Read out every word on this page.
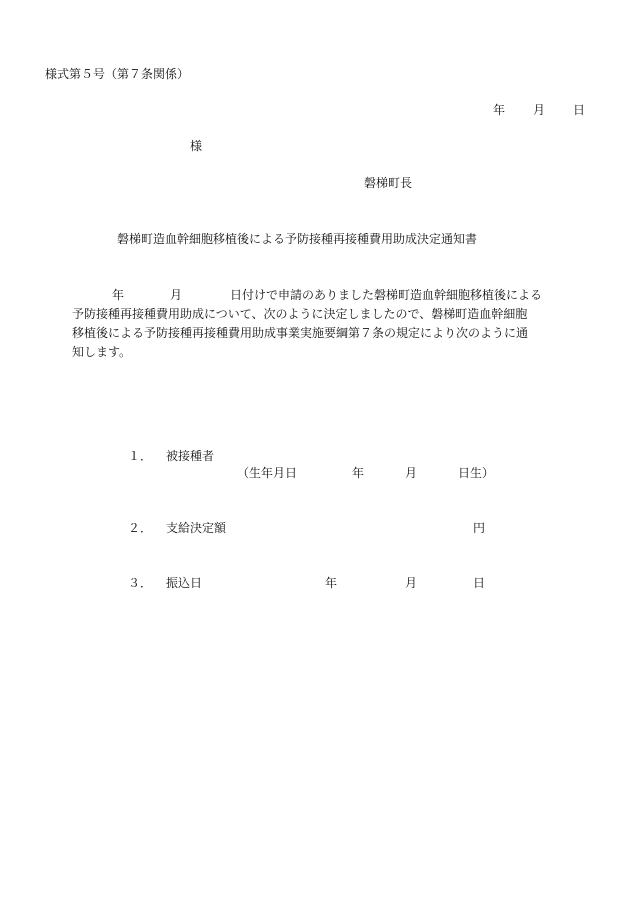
様式第５号（第７条関係）
年 月 日
様
磐梯町長
磐梯町造血幹細胞移植後による予防接種再接種費用助成決定通知書
年	月	日付けで申請のありました磐梯町造血幹細胞移植後による
予防接種再接種費用助成について、次のように決定しましたので、磐梯町造血幹細胞
移植後による予防接種再接種費用助成事業実施要綱第７条の規定により次のように通
知します。
１． 被接種者
（生年月日	年	月	日生）
２． 支給決定額	円
３． 振込日	年	月	日
